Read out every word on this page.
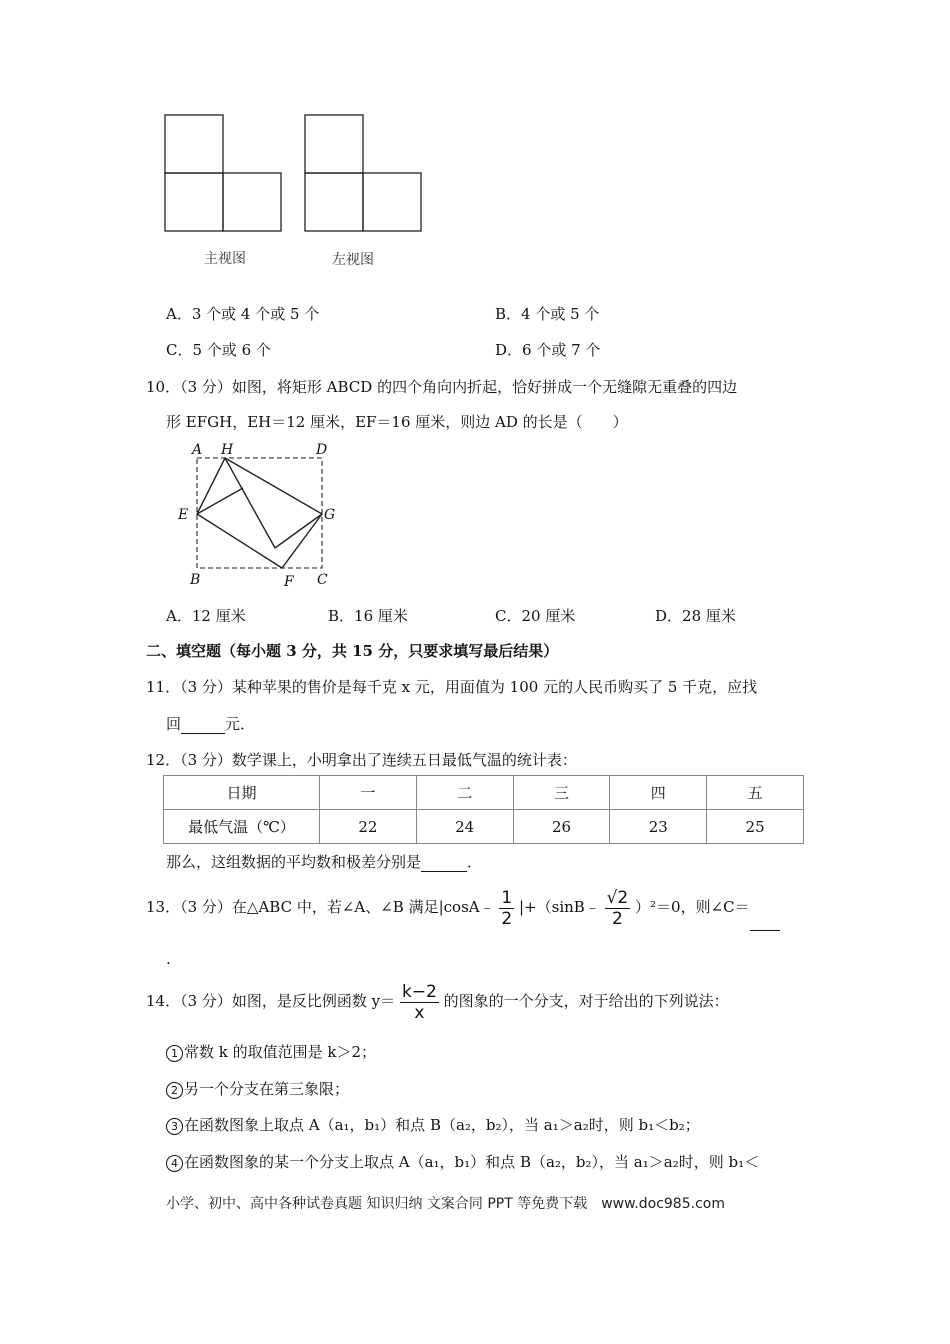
主视图	左视图
A．3 个或 4 个或 5 个	B．4 个或 5 个
C．5 个或 6 个	D．6 个或 7 个
10．（3 分）如图，将矩形 ABCD 的四个角向内折起，恰好拼成一个无缝隙无重叠的四边
形 EFGH，EH＝12 厘米，EF＝16 厘米，则边 AD 的长是（　　）
A H	D
E	G
B	F C
A．12 厘米	B．16 厘米	C．20 厘米	D．28 厘米
二、填空题（每小题 3 分，共 15 分，只要求填写最后结果）
11．（3 分）某种苹果的售价是每千克 x 元，用面值为 100 元的人民币购买了 5 千克，应找
回	元．
12．（3 分）数学课上，小明拿出了连续五日最低气温的统计表：
日期	一	二	三	四	五
最低气温（℃）	22	24	26	23	25
那么，这组数据的平均数和极差分别是	．
13．（3 分）在△ABC 中，若∠A、∠B 满足|cosA﹣ $\frac{1}{2}$ |+（sinB﹣ $\frac{√2}{2} )^2=0$，则∠C＝
.
14．（3 分）如图，是反比例函数 $y= \frac{k-2}{x}$ 的图象的一个分支，对于给出的下列说法：
1 常数 k 的取值范围是 k＞2；
2 另一个分支在第三象限；
3 在函数图象上取点 A（a₁，b₁）和点 B（a₂，b₂），当 a₁＞a₂时，则 b₁＜b₂；
4 在函数图象的某一个分支上取点 A（a₁，b₁）和点 B（a₂，b₂），当 a₁＞a₂时，则 b₁＜
小学、初中、高中各种试卷真题 知识归纳 文案合同 PPT 等免费下载　www.doc985.com
